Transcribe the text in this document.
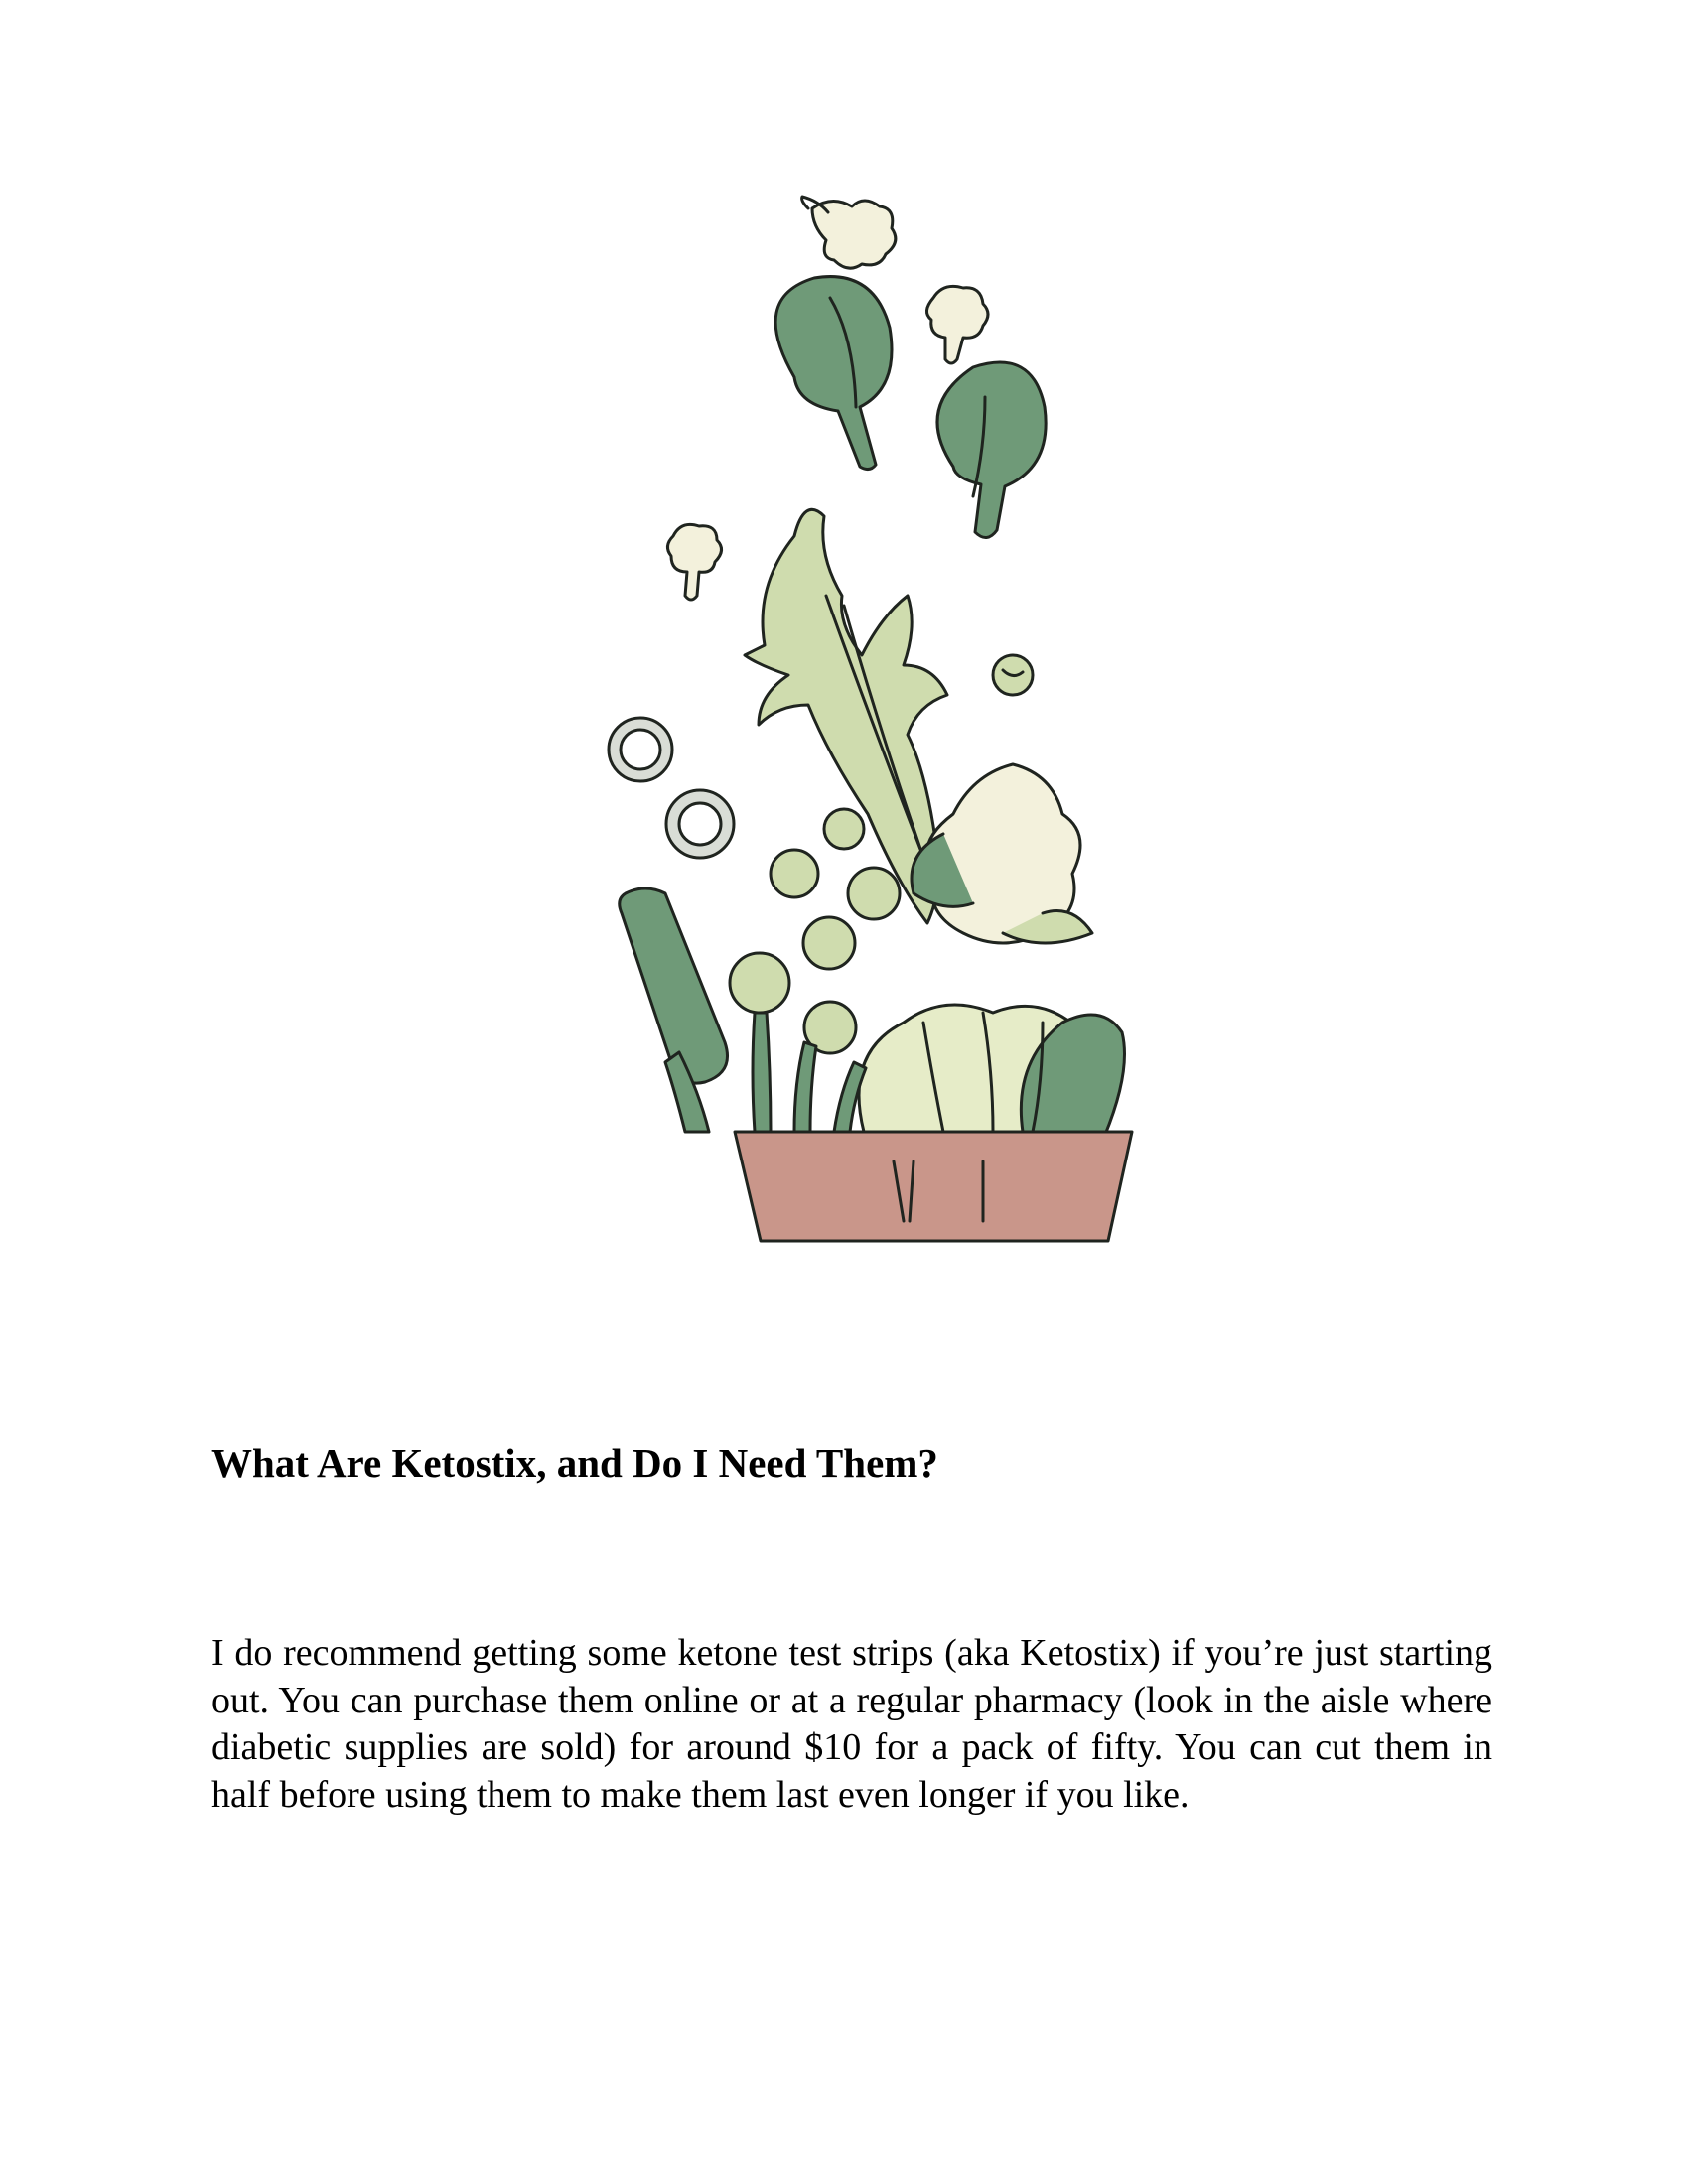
What Are Ketostix, and Do I Need Them?

I do recommend getting some ketone test strips (aka Ketostix) if you’re just starting out. You can purchase them online or at a regular pharmacy (look in the aisle where diabetic supplies are sold) for around $10 for a pack of fifty. You can cut them in half before using them to make them last even longer if you like.
